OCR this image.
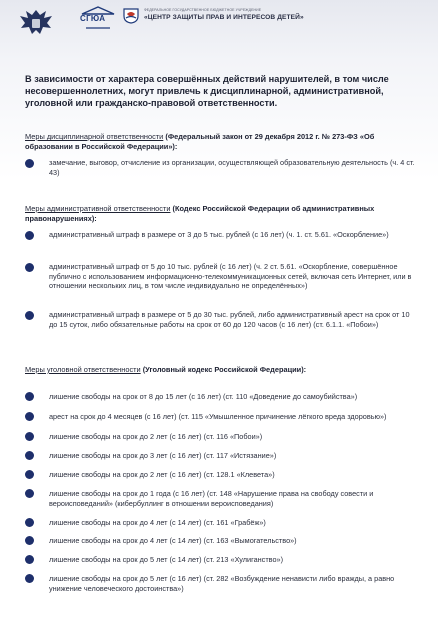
СГЮА
ФЕДЕРАЛЬНОЕ ГОСУДАРСТВЕННОЕ БЮДЖЕТНОЕ УЧРЕЖДЕНИЕ
«ЦЕНТР ЗАЩИТЫ ПРАВ И ИНТЕРЕСОВ ДЕТЕЙ»
В зависимости от характера совершённых действий нарушителей, в том числе несовершеннолетних, могут привлечь к дисциплинарной, административной, уголовной или гражданско-правовой ответственности.
Меры дисциплинарной ответственности (Федеральный закон от 29 декабря 2012 г. № 273-ФЗ «Об образовании в Российской Федерации»):
замечание, выговор, отчисление из организации, осуществляющей образовательную деятельность (ч. 4 ст. 43)
Меры административной ответственности (Кодекс Российской Федерации об административных правонарушениях):
административный штраф в размере от 3 до 5 тыс. рублей (с 16 лет) (ч. 1. ст. 5.61. «Оскорбление»)
административный штраф от 5 до 10 тыс. рублей (с 16 лет) (ч. 2 ст. 5.61. «Оскорбление, совершённое публично с использованием информационно-телекоммуникационных сетей, включая сеть Интернет, или в отношении нескольких лиц, в том числе индивидуально не определённых»)
административный штраф в размере от 5 до 30 тыс. рублей, либо административный арест на срок от 10 до 15 суток, либо обязательные работы на срок от 60 до 120 часов (с 16 лет) (ст. 6.1.1. «Побои»)
Меры уголовной ответственности (Уголовный кодекс Российской Федерации):
лишение свободы на срок от 8 до 15 лет (с 16 лет) (ст. 110 «Доведение до самоубийства»)
арест на срок до 4 месяцев (с 16 лет) (ст. 115 «Умышленное причинение лёгкого вреда здоровью»)
лишение свободы на срок до 2 лет (с 16 лет) (ст. 116 «Побои»)
лишение свободы на срок до 3 лет (с 16 лет) (ст. 117 «Истязание»)
лишение свободы на срок до 2 лет (с 16 лет) (ст. 128.1 «Клевета»)
лишение свободы на срок до 1 года (с 16 лет) (ст. 148 «Нарушение права на свободу совести и вероисповеданий» (кибербуллинг в отношении вероисповедания)
лишение свободы на срок до 4 лет (с 14 лет) (ст. 161 «Грабёж»)
лишение свободы на срок до 4 лет (с 14 лет) (ст. 163 «Вымогательство»)
лишение свободы на срок до 5 лет (с 14 лет) (ст. 213 «Хулиганство»)
лишение свободы на срок до 5 лет (с 16 лет) (ст. 282 «Возбуждение ненависти либо вражды, а равно унижение человеческого достоинства»)
